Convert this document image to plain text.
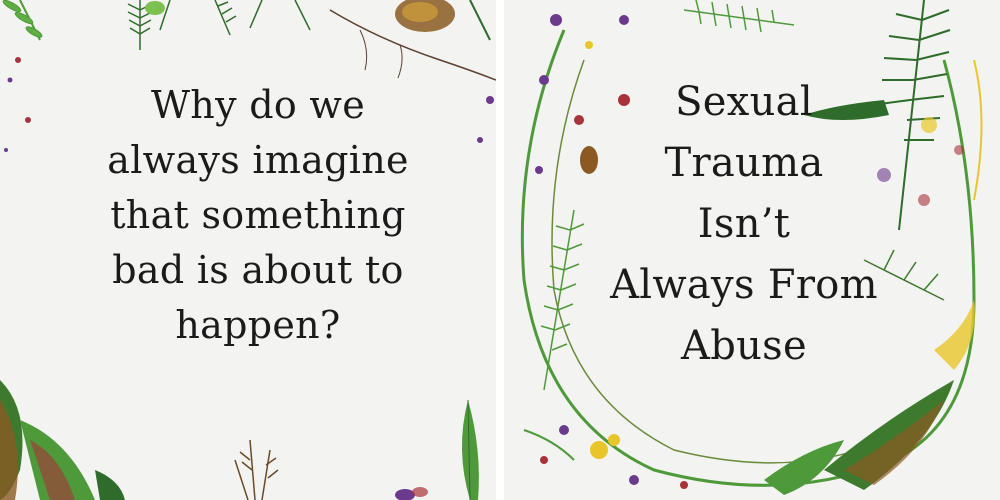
Why do we
always imagine
that something
bad is about to
happen?
Sexual
Trauma
Isn’t
Always From
Abuse
